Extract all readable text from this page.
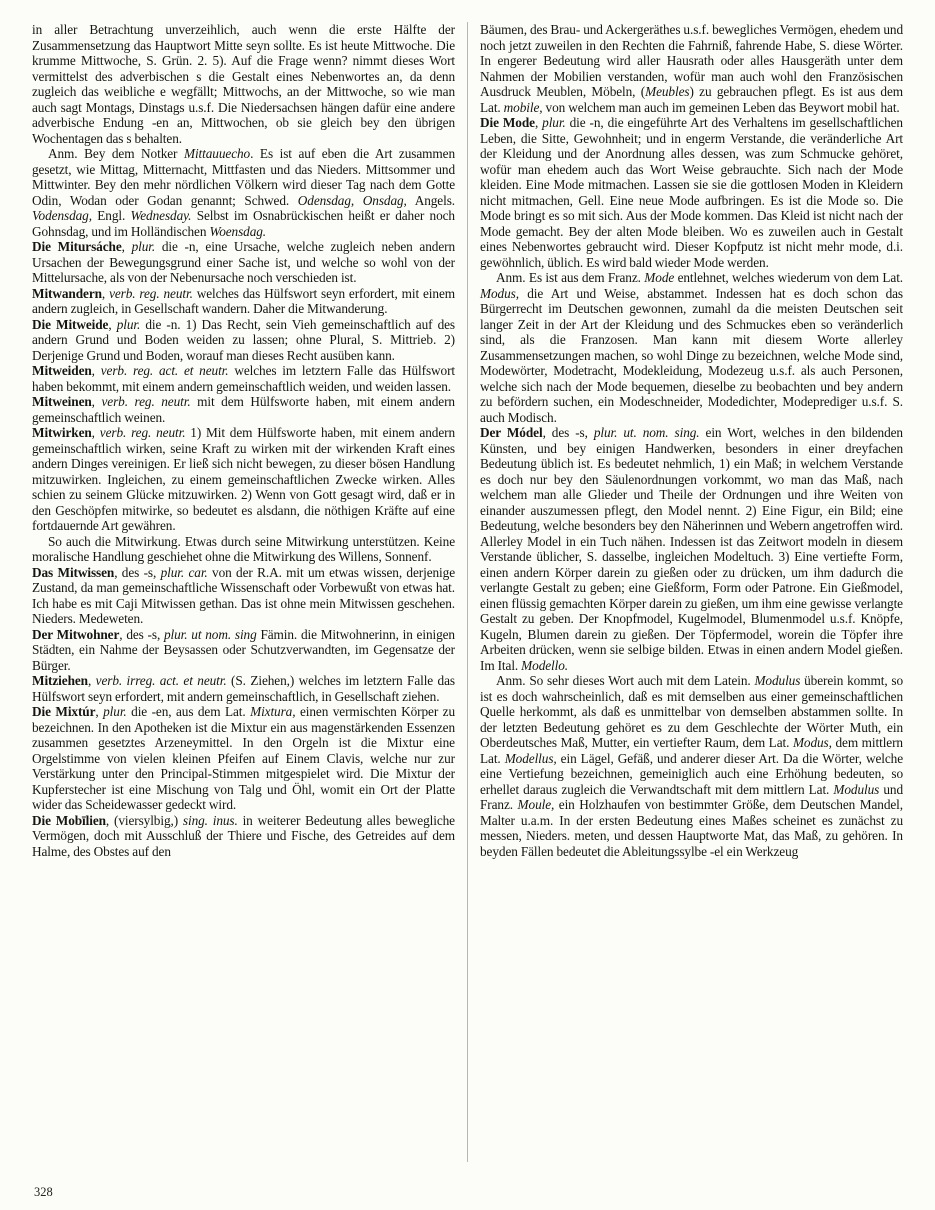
in aller Betrachtung unverzeihlich, auch wenn die erste Hälfte der Zusammensetzung das Hauptwort Mitte seyn sollte. Es ist heute Mittwoche. Die krumme Mittwoche, S. Grün. 2. 5). Auf die Frage wenn? nimmt dieses Wort vermittelst des adverbischen s die Gestalt eines Nebenwortes an, da denn zugleich das weibliche e wegfällt; Mittwochs, an der Mittwoche, so wie man auch sagt Montags, Dinstags u.s.f. Die Niedersachsen hängen dafür eine andere adverbische Endung -en an, Mittwochen, ob sie gleich bey den übrigen Wochentagen das s behalten.

Anm. Bey dem Notker Mittauuecho. Es ist auf eben die Art zusammen gesetzt, wie Mittag, Mitternacht, Mittfasten und das Nieders. Mittsommer und Mittwinter. Bey den mehr nördlichen Völkern wird dieser Tag nach dem Gotte Odin, Wodan oder Godan genannt; Schwed. Odensdag, Onsdag, Angels. Vodensdag, Engl. Wednesday. Selbst im Osnabrückischen heißt er daher noch Gohnsdag, und im Holländischen Woensdag.

Die Mitursáche, plur. die -n, eine Ursache, welche zugleich neben andern Ursachen der Bewegungsgrund einer Sache ist, und welche so wohl von der Mittelursache, als von der Nebenursache noch verschieden ist.

Mitwandern, verb. reg. neutr. welches das Hülfswort seyn erfordert, mit einem andern zugleich, in Gesellschaft wandern. Daher die Mitwanderung.

Die Mitweide, plur. die -n. 1) Das Recht, sein Vieh gemeinschaftlich auf des andern Grund und Boden weiden zu lassen; ohne Plural, S. Mittrieb. 2) Derjenige Grund und Boden, worauf man dieses Recht ausüben kann.

Mitweiden, verb. reg. act. et neutr. welches im letztern Falle das Hülfswort haben bekommt, mit einem andern gemeinschaftlich weiden, und weiden lassen.

Mitweinen, verb. reg. neutr. mit dem Hülfsworte haben, mit einem andern gemeinschaftlich weinen.

Mitwirken, verb. reg. neutr. 1) Mit dem Hülfsworte haben, mit einem andern gemeinschaftlich wirken, seine Kraft zu wirken mit der wirkenden Kraft eines andern Dinges vereinigen. Er ließ sich nicht bewegen, zu dieser bösen Handlung mitzuwirken. Ingleichen, zu einem gemeinschaftlichen Zwecke wirken. Alles schien zu seinem Glücke mitzuwirken. 2) Wenn von Gott gesagt wird, daß er in den Geschöpfen mitwirke, so bedeutet es alsdann, die nöthigen Kräfte auf eine fortdauernde Art gewähren.

So auch die Mitwirkung. Etwas durch seine Mitwirkung unterstützen. Keine moralische Handlung geschiehet ohne die Mitwirkung des Willens, Sonnenf.

Das Mitwissen, des -s, plur. car. von der R.A. mit um etwas wissen, derjenige Zustand, da man gemeinschaftliche Wissenschaft oder Vorbewußt von etwas hat. Ich habe es mit Caji Mitwissen gethan. Das ist ohne mein Mitwissen geschehen. Nieders. Medeweten.

Der Mitwohner, des -s, plur. ut nom. sing Fämin. die Mitwohnerinn, in einigen Städten, ein Nahme der Beysassen oder Schutzverwandten, im Gegensatze der Bürger.

Mitziehen, verb. irreg. act. et neutr. (S. Ziehen,) welches im letztern Falle das Hülfswort seyn erfordert, mit andern gemeinschaftlich, in Gesellschaft ziehen.

Die Mixtúr, plur. die -en, aus dem Lat. Mixtura, einen vermischten Körper zu bezeichnen. In den Apotheken ist die Mixtur ein aus magenstärkenden Essenzen zusammen gesetztes Arzeneymittel. In den Orgeln ist die Mixtur eine Orgelstimme von vielen kleinen Pfeifen auf Einem Clavis, welche nur zur Verstärkung unter den Principal-Stimmen mitgespielet wird. Die Mixtur der Kupferstecher ist eine Mischung von Talg und Öhl, womit ein Ort der Platte wider das Scheidewasser gedeckt wird.

Die Mobīlien, (viersylbig,) sing. inus. in weiterer Bedeutung alles bewegliche Vermögen, doch mit Ausschluß der Thiere und Fische, des Getreides auf dem Halme, des Obstes auf den

Bäumen, des Brau- und Ackergeräthes u.s.f. bewegliches Vermögen, ehedem und noch jetzt zuweilen in den Rechten die Fahrniß, fahrende Habe, S. diese Wörter. In engerer Bedeutung wird aller Hausrath oder alles Hausgeräth unter dem Nahmen der Mobilien verstanden, wofür man auch wohl den Französischen Ausdruck Meublen, Möbeln, (Meubles) zu gebrauchen pflegt. Es ist aus dem Lat. mobile, von welchem man auch im gemeinen Leben das Beywort mobil hat.

Die Mode, plur. die -n, die eingeführte Art des Verhaltens im gesellschaftlichen Leben, die Sitte, Gewohnheit; und in engerm Verstande, die veränderliche Art der Kleidung und der Anordnung alles dessen, was zum Schmucke gehöret, wofür man ehedem auch das Wort Weise gebrauchte. Sich nach der Mode kleiden. Eine Mode mitmachen. Lassen sie sie die gottlosen Moden in Kleidern nicht mitmachen, Gell. Eine neue Mode aufbringen. Es ist die Mode so. Die Mode bringt es so mit sich. Aus der Mode kommen. Das Kleid ist nicht nach der Mode gemacht. Bey der alten Mode bleiben. Wo es zuweilen auch in Gestalt eines Nebenwortes gebraucht wird. Dieser Kopfputz ist nicht mehr mode, d.i. gewöhnlich, üblich. Es wird bald wieder Mode werden.

Anm. Es ist aus dem Franz. Mode entlehnet, welches wiederum von dem Lat. Modus, die Art und Weise, abstammet. Indessen hat es doch schon das Bürgerrecht im Deutschen gewonnen, zumahl da die meisten Deutschen seit langer Zeit in der Art der Kleidung und des Schmuckes eben so veränderlich sind, als die Franzosen. Man kann mit diesem Worte allerley Zusammensetzungen machen, so wohl Dinge zu bezeichnen, welche Mode sind, Modewörter, Modetracht, Modekleidung, Modezeug u.s.f. als auch Personen, welche sich nach der Mode bequemen, dieselbe zu beobachten und bey andern zu befördern suchen, ein Modeschneider, Modedichter, Modeprediger u.s.f. S. auch Modisch.

Der Módel, des -s, plur. ut. nom. sing. ein Wort, welches in den bildenden Künsten, und bey einigen Handwerken, besonders in einer dreyfachen Bedeutung üblich ist. Es bedeutet nehmlich, 1) ein Maß; in welchem Verstande es doch nur bey den Säulenordnungen vorkommt, wo man das Maß, nach welchem man alle Glieder und Theile der Ordnungen und ihre Weiten von einander auszumessen pflegt, den Model nennt. 2) Eine Figur, ein Bild; eine Bedeutung, welche besonders bey den Näherinnen und Webern angetroffen wird. Allerley Model in ein Tuch nähen. Indessen ist das Zeitwort modeln in diesem Verstande üblicher, S. dasselbe, ingleichen Modeltuch. 3) Eine vertiefte Form, einen andern Körper darein zu gießen oder zu drücken, um ihm dadurch die verlangte Gestalt zu geben; eine Gießform, Form oder Patrone. Ein Gießmodel, einen flüssig gemachten Körper darein zu gießen, um ihm eine gewisse verlangte Gestalt zu geben. Der Knopfmodel, Kugelmodel, Blumenmodel u.s.f. Knöpfe, Kugeln, Blumen darein zu gießen. Der Töpfermodel, worein die Töpfer ihre Arbeiten drücken, wenn sie selbige bilden. Etwas in einen andern Model gießen. Im Ital. Modello.

Anm. So sehr dieses Wort auch mit dem Latein. Modulus überein kommt, so ist es doch wahrscheinlich, daß es mit demselben aus einer gemeinschaftlichen Quelle herkommt, als daß es unmittelbar von demselben abstammen sollte. In der letzten Bedeutung gehöret es zu dem Geschlechte der Wörter Muth, ein Oberdeutsches Maß, Mutter, ein vertiefter Raum, dem Lat. Modus, dem mittlern Lat. Modellus, ein Lägel, Gefäß, und anderer dieser Art. Da die Wörter, welche eine Vertiefung bezeichnen, gemeiniglich auch eine Erhöhung bedeuten, so erhellet daraus zugleich die Verwandtschaft mit dem mittlern Lat. Modulus und Franz. Moule, ein Holzhaufen von bestimmter Größe, dem Deutschen Mandel, Malter u.a.m. In der ersten Bedeutung eines Maßes scheinet es zunächst zu messen, Nieders. meten, und dessen Hauptworte Mat, das Maß, zu gehören. In beyden Fällen bedeutet die Ableitungssylbe -el ein Werkzeug

328
